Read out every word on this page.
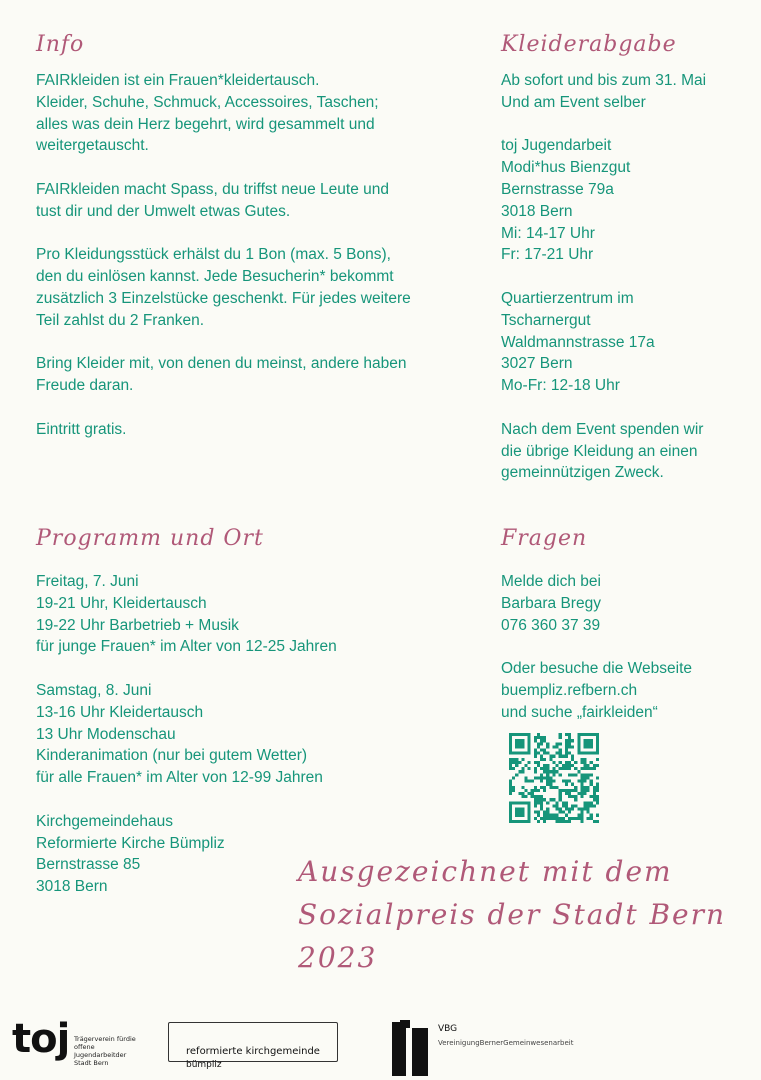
Info
FAIRkleiden ist ein Frauen*kleidertausch.
Kleider, Schuhe, Schmuck, Accessoires, Taschen;
alles was dein Herz begehrt, wird gesammelt und
weitergetauscht.
FAIRkleiden macht Spass, du triffst neue Leute und
tust dir und der Umwelt etwas Gutes.
Pro Kleidungsstück erhälst du 1 Bon (max. 5 Bons),
den du einlösen kannst. Jede Besucherin* bekommt
zusätzlich 3 Einzelstücke geschenkt. Für jedes weitere
Teil zahlst du 2 Franken.
Bring Kleider mit, von denen du meinst, andere haben
Freude daran.
Eintritt gratis.
Kleiderabgabe
Ab sofort und bis zum 31. Mai
Und am Event selber
toj Jugendarbeit
Modi*hus Bienzgut
Bernstrasse 79a
3018 Bern
Mi: 14-17 Uhr
Fr: 17-21 Uhr
Quartierzentrum im
Tscharnergut
Waldmannstrasse 17a
3027 Bern
Mo-Fr: 12-18 Uhr
Nach dem Event spenden wir
die übrige Kleidung an einen
gemeinnützigen Zweck.
Programm und Ort
Freitag, 7. Juni
19-21 Uhr, Kleidertausch
19-22 Uhr Barbetrieb + Musik
für junge Frauen* im Alter von 12-25 Jahren
Samstag, 8. Juni
13-16 Uhr Kleidertausch
13 Uhr Modenschau
Kinderanimation (nur bei gutem Wetter)
für alle Frauen* im Alter von 12-99 Jahren
Kirchgemeindehaus
Reformierte Kirche Bümpliz
Bernstrasse 85
3018 Bern
Fragen
Melde dich bei
Barbara Bregy
076 360 37 39
Oder besuche die Webseite
buempliz.refbern.ch
und suche „fairkleiden“
Ausgezeichnet mit dem
Sozialpreis der Stadt Bern
2023
toj Trägerverein fürdie offene Jugendarbeitder Stadt Bern
reformierte kirchgemeinde
bümpliz
VBG
VereinigungBernerGemeinwesenarbeit
